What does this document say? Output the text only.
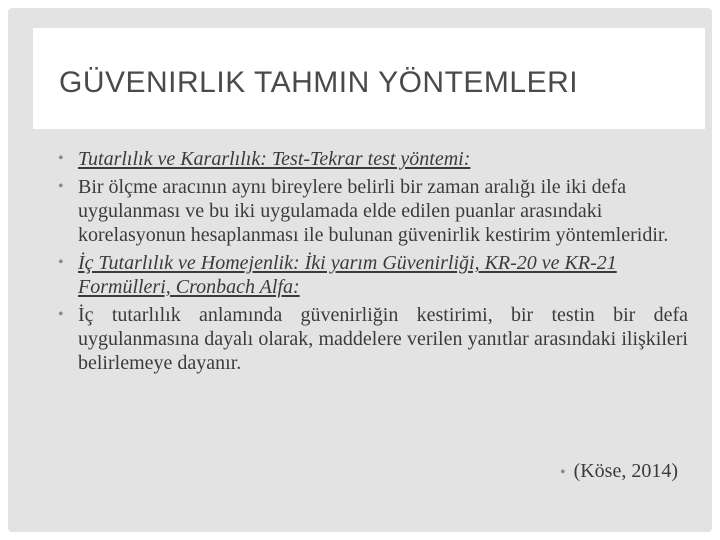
GÜVENIRLIK TAHMIN YÖNTEMLERI
• Tutarlılık ve Kararlılık: Test-Tekrar test yöntemi:
• Bir ölçme aracının aynı bireylere belirli bir zaman aralığı ile iki defa uygulanması ve bu iki uygulamada elde edilen puanlar arasındaki korelasyonun hesaplanması ile bulunan güvenirlik kestirim yöntemleridir.
• İç Tutarlılık ve Homejenlik: İki yarım Güvenirliği, KR-20 ve KR-21 Formülleri, Cronbach Alfa:
• İç tutarlılık anlamında güvenirliğin kestirimi, bir testin bir defa uygulanmasına dayalı olarak, maddelere verilen yanıtlar arasındaki ilişkileri belirlemeye dayanır.
• (Köse, 2014)
